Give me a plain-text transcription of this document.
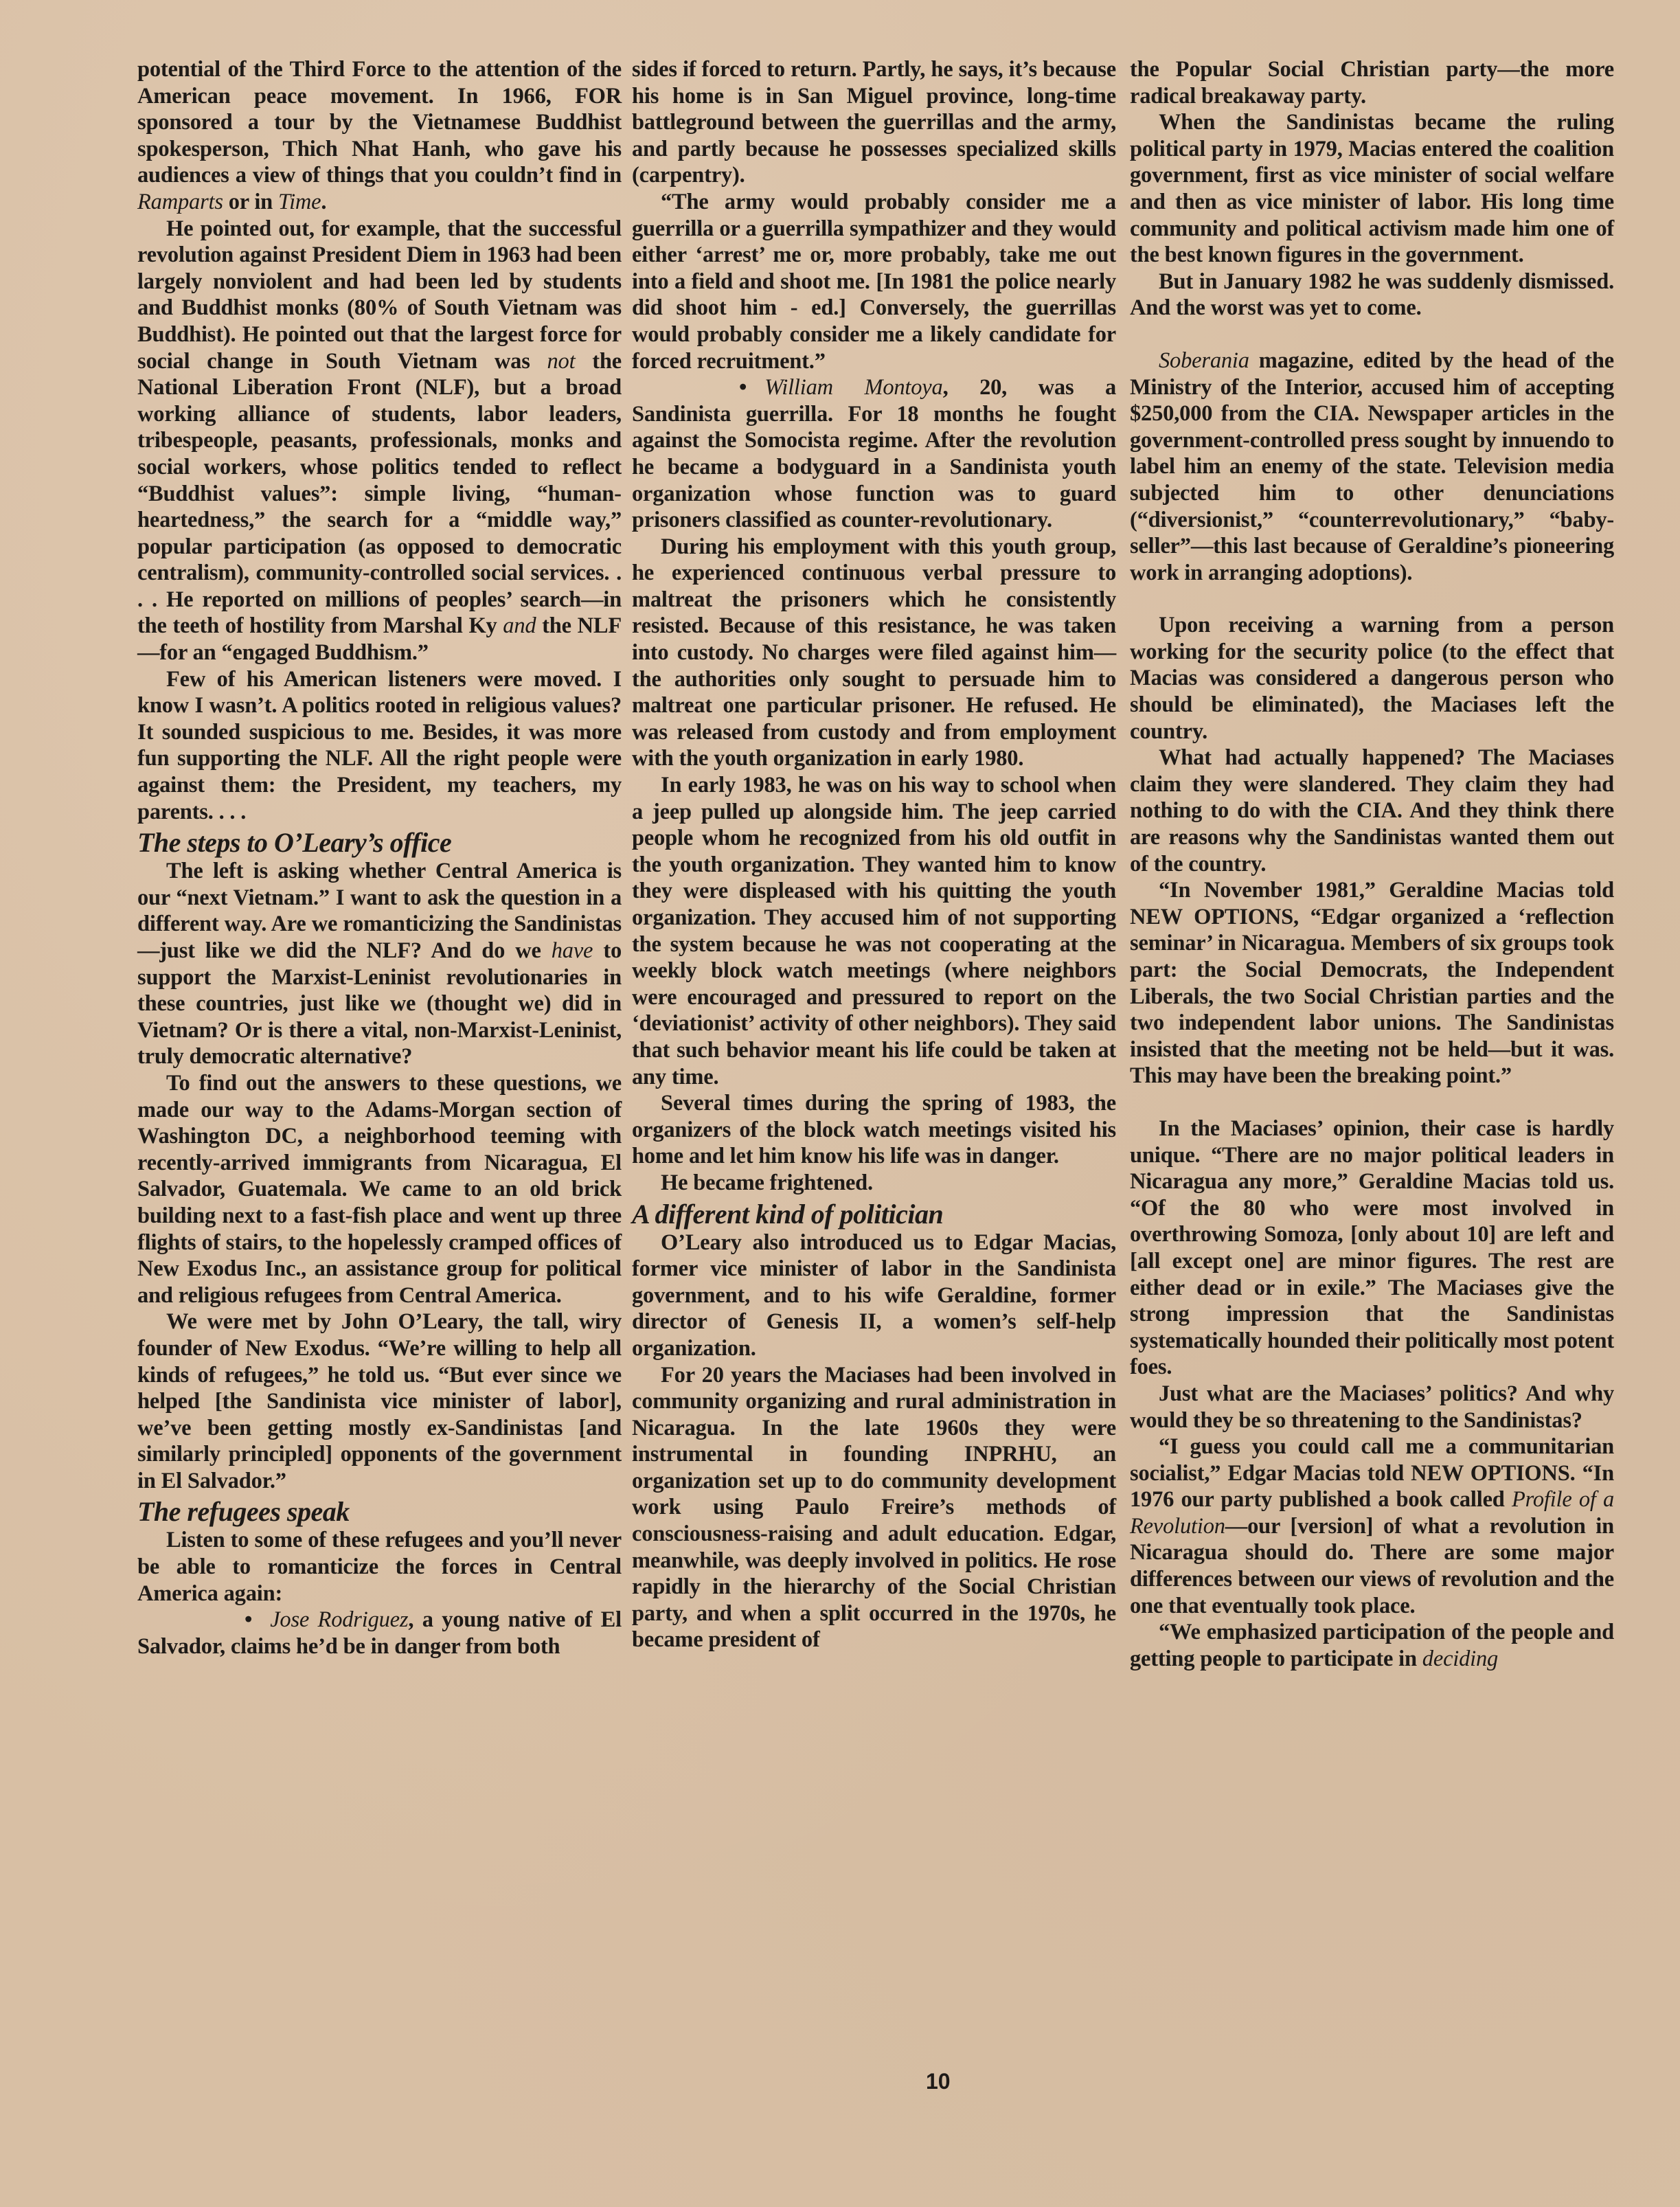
potential of the Third Force to the attention of the American peace movement. In 1966, FOR sponsored a tour by the Vietnamese Buddhist spokesperson, Thich Nhat Hanh, who gave his audiences a view of things that you couldn’t find in Ramparts or in Time.

He pointed out, for example, that the successful revolution against President Diem in 1963 had been largely nonviolent and had been led by students and Buddhist monks (80% of South Vietnam was Buddhist). He pointed out that the largest force for social change in South Vietnam was not the National Liberation Front (NLF), but a broad working alliance of students, labor leaders, tribespeople, peasants, professionals, monks and social workers, whose politics tended to reflect “Buddhist values”: simple living, “humanheartedness,” the search for a “middle way,” popular participation (as opposed to democratic centralism), community-controlled social services. . . . He reported on millions of peoples’ search—in the teeth of hostility from Marshal Ky and the NLF—for an “engaged Buddhism.”

Few of his American listeners were moved. I know I wasn’t. A politics rooted in religious values? It sounded suspicious to me. Besides, it was more fun supporting the NLF. All the right people were against them: the President, my teachers, my parents. . . .

The steps to O’Leary’s office

The left is asking whether Central America is our “next Vietnam.” I want to ask the question in a different way. Are we romanticizing the Sandinistas—just like we did the NLF? And do we have to support the Marxist-Leninist revolutionaries in these countries, just like we (thought we) did in Vietnam? Or is there a vital, non-Marxist-Leninist, truly democratic alternative?

To find out the answers to these questions, we made our way to the Adams-Morgan section of Washington DC, a neighborhood teeming with recently-arrived immigrants from Nicaragua, El Salvador, Guatemala. We came to an old brick building next to a fast-fish place and went up three flights of stairs, to the hopelessly cramped offices of New Exodus Inc., an assistance group for political and religious refugees from Central America.

We were met by John O’Leary, the tall, wiry founder of New Exodus. “We’re willing to help all kinds of refugees,” he told us. “But ever since we helped [the Sandinista vice minister of labor], we’ve been getting mostly ex-Sandinistas [and similarly principled] opponents of the government in El Salvador.”

The refugees speak

Listen to some of these refugees and you’ll never be able to romanticize the forces in Central America again:

• Jose Rodriguez, a young native of El Salvador, claims he’d be in danger from both

sides if forced to return. Partly, he says, it’s because his home is in San Miguel province, long-time battleground between the guerrillas and the army, and partly because he possesses specialized skills (carpentry).

“The army would probably consider me a guerrilla or a guerrilla sympathizer and they would either ‘arrest’ me or, more probably, take me out into a field and shoot me. [In 1981 the police nearly did shoot him - ed.] Conversely, the guerrillas would probably consider me a likely candidate for forced recruitment.”

• William Montoya, 20, was a Sandinista guerrilla. For 18 months he fought against the Somocista regime. After the revolution he became a bodyguard in a Sandinista youth organization whose function was to guard prisoners classified as counter-revolutionary.

During his employment with this youth group, he experienced continuous verbal pressure to maltreat the prisoners which he consistently resisted. Because of this resistance, he was taken into custody. No charges were filed against him—the authorities only sought to persuade him to maltreat one particular prisoner. He refused. He was released from custody and from employment with the youth organization in early 1980.

In early 1983, he was on his way to school when a jeep pulled up alongside him. The jeep carried people whom he recognized from his old outfit in the youth organization. They wanted him to know they were displeased with his quitting the youth organization. They accused him of not supporting the system because he was not cooperating at the weekly block watch meetings (where neighbors were encouraged and pressured to report on the ‘deviationist’ activity of other neighbors). They said that such behavior meant his life could be taken at any time.

Several times during the spring of 1983, the organizers of the block watch meetings visited his home and let him know his life was in danger.

He became frightened.

A different kind of politician

O’Leary also introduced us to Edgar Macias, former vice minister of labor in the Sandinista government, and to his wife Geraldine, former director of Genesis II, a women’s self-help organization.

For 20 years the Maciases had been involved in community organizing and rural administration in Nicaragua. In the late 1960s they were instrumental in founding INPRHU, an organization set up to do community development work using Paulo Freire’s methods of consciousness-raising and adult education. Edgar, meanwhile, was deeply involved in politics. He rose rapidly in the hierarchy of the Social Christian party, and when a split occurred in the 1970s, he became president of

the Popular Social Christian party—the more radical breakaway party.

When the Sandinistas became the ruling political party in 1979, Macias entered the coalition government, first as vice minister of social welfare and then as vice minister of labor. His long time community and political activism made him one of the best known figures in the government.

But in January 1982 he was suddenly dismissed. And the worst was yet to come.

Soberania magazine, edited by the head of the Ministry of the Interior, accused him of accepting $250,000 from the CIA. Newspaper articles in the government-controlled press sought by innuendo to label him an enemy of the state. Television media subjected him to other denunciations (“diversionist,” “counterrevolutionary,” “baby-seller”—this last because of Geraldine’s pioneering work in arranging adoptions).

Upon receiving a warning from a person working for the security police (to the effect that Macias was considered a dangerous person who should be eliminated), the Maciases left the country.

What had actually happened? The Maciases claim they were slandered. They claim they had nothing to do with the CIA. And they think there are reasons why the Sandinistas wanted them out of the country.

“In November 1981,” Geraldine Macias told NEW OPTIONS, “Edgar organized a ‘reflection seminar’ in Nicaragua. Members of six groups took part: the Social Democrats, the Independent Liberals, the two Social Christian parties and the two independent labor unions. The Sandinistas insisted that the meeting not be held—but it was. This may have been the breaking point.”

In the Maciases’ opinion, their case is hardly unique. “There are no major political leaders in Nicaragua any more,” Geraldine Macias told us. “Of the 80 who were most involved in overthrowing Somoza, [only about 10] are left and [all except one] are minor figures. The rest are either dead or in exile.” The Maciases give the strong impression that the Sandinistas systematically hounded their politically most potent foes.

Just what are the Maciases’ politics? And why would they be so threatening to the Sandinistas?

“I guess you could call me a communitarian socialist,” Edgar Macias told NEW OPTIONS. “In 1976 our party published a book called Profile of a Revolution—our [version] of what a revolution in Nicaragua should do. There are some major differences between our views of revolution and the one that eventually took place.

“We emphasized participation of the people and getting people to participate in deciding

10
